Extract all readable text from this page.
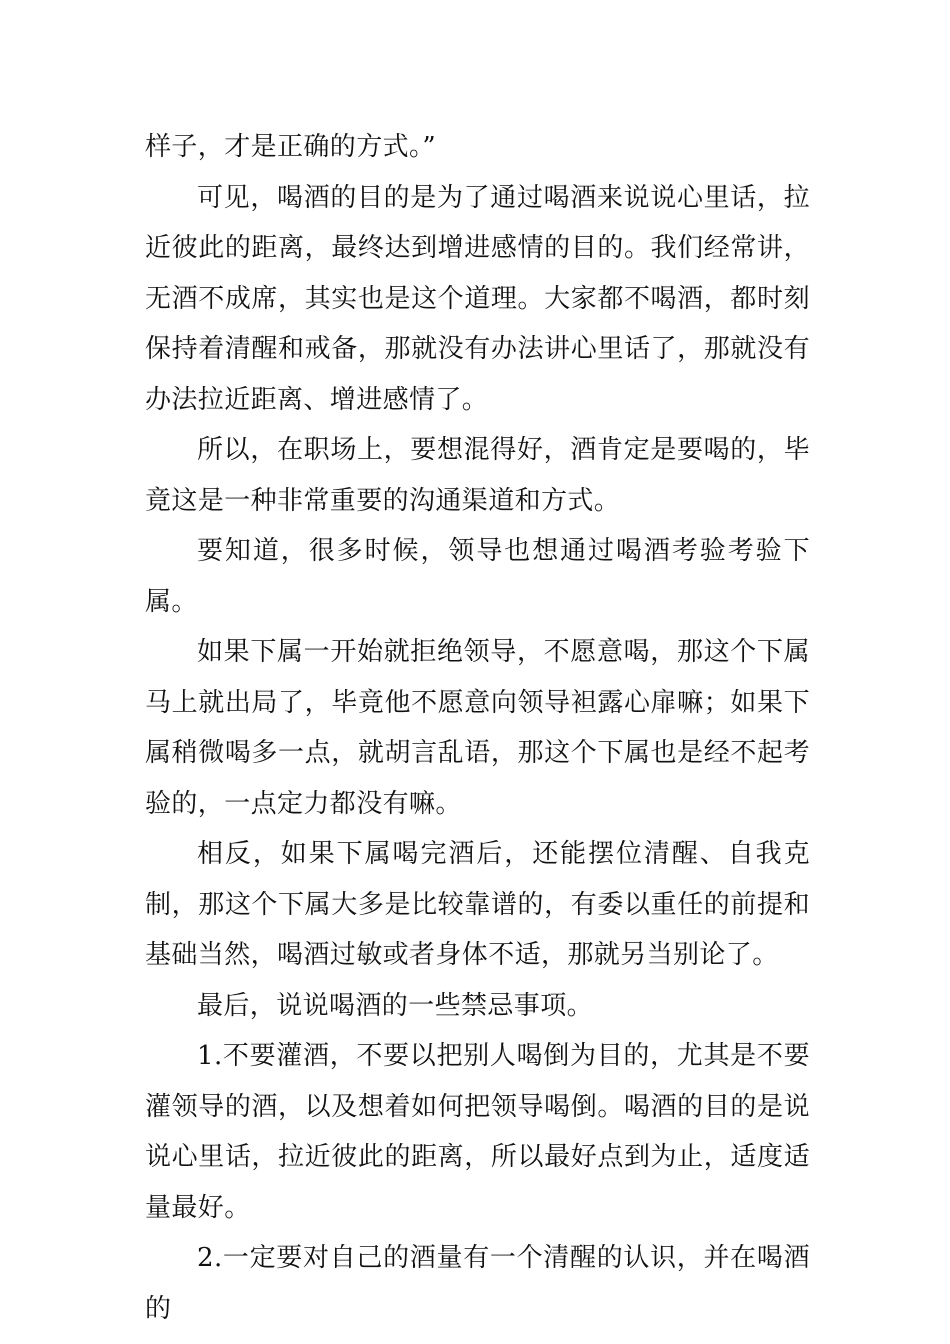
样子，才是正确的方式。”

可见，喝酒的目的是为了通过喝酒来说说心里话，拉近彼此的距离，最终达到增进感情的目的。我们经常讲，无酒不成席，其实也是这个道理。大家都不喝酒，都时刻保持着清醒和戒备，那就没有办法讲心里话了，那就没有办法拉近距离、增进感情了。

所以，在职场上，要想混得好，酒肯定是要喝的，毕竟这是一种非常重要的沟通渠道和方式。

要知道，很多时候，领导也想通过喝酒考验考验下属。

如果下属一开始就拒绝领导，不愿意喝，那这个下属马上就出局了，毕竟他不愿意向领导袒露心扉嘛；如果下属稍微喝多一点，就胡言乱语，那这个下属也是经不起考验的，一点定力都没有嘛。

相反，如果下属喝完酒后，还能摆位清醒、自我克制，那这个下属大多是比较靠谱的，有委以重任的前提和基础当然，喝酒过敏或者身体不适，那就另当别论了。

最后，说说喝酒的一些禁忌事项。

1.不要灌酒，不要以把别人喝倒为目的，尤其是不要灌领导的酒，以及想着如何把领导喝倒。喝酒的目的是说说心里话，拉近彼此的距离，所以最好点到为止，适度适量最好。

2.一定要对自己的酒量有一个清醒的认识，并在喝酒的
